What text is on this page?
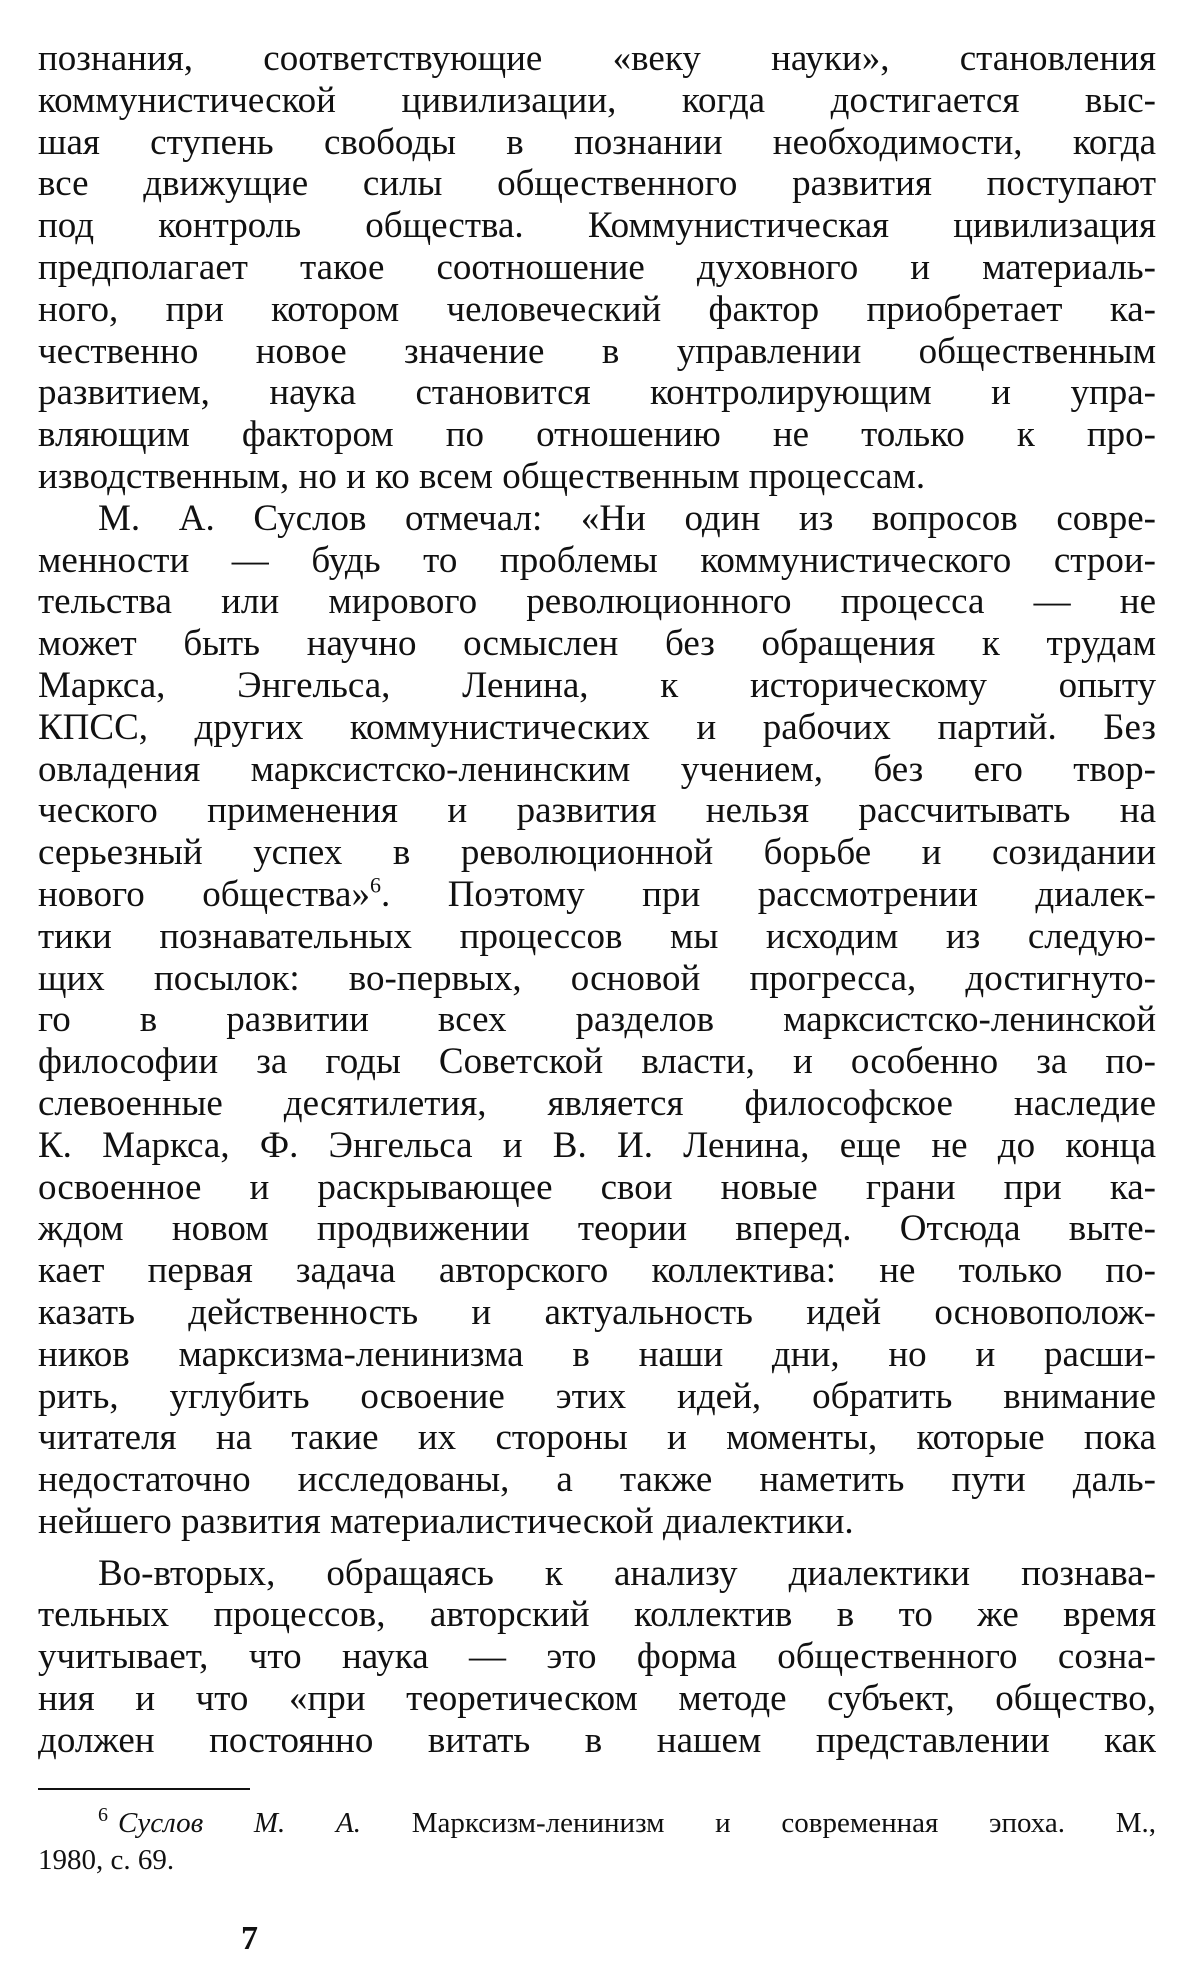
познания, соответствующие «веку науки», становления
коммунистической цивилизации, когда достигается выс-
шая ступень свободы в познании необходимости, когда
все движущие силы общественного развития поступают
под контроль общества. Коммунистическая цивилизация
предполагает такое соотношение духовного и материаль-
ного, при котором человеческий фактор приобретает ка-
чественно новое значение в управлении общественным
развитием, наука становится контролирующим и упра-
вляющим фактором по отношению не только к про-
изводственным, но и ко всем общественным процессам.
М. А. Суслов отмечал: «Ни один из вопросов совре-
менности — будь то проблемы коммунистического строи-
тельства или мирового революционного процесса — не
может быть научно осмыслен без обращения к трудам
Маркса, Энгельса, Ленина, к историческому опыту
КПСС, других коммунистических и рабочих партий. Без
овладения марксистско-ленинским учением, без его твор-
ческого применения и развития нельзя рассчитывать на
серьезный успех в революционной борьбе и созидании
нового общества»$^6$. Поэтому при рассмотрении диалек-
тики познавательных процессов мы исходим из следую-
щих посылок: во-первых, основой прогресса, достигнуто-
го в развитии всех разделов марксистско-ленинской
философии за годы Советской власти, и особенно за по-
слевоенные десятилетия, является философское наследие
К. Маркса, Ф. Энгельса и В. И. Ленина, еще не до конца
освоенное и раскрывающее свои новые грани при ка-
ждом новом продвижении теории вперед. Отсюда выте-
кает первая задача авторского коллектива: не только по-
казать действенность и актуальность идей основополож-
ников марксизма-ленинизма в наши дни, но и расши-
рить, углубить освоение этих идей, обратить внимание
читателя на такие их стороны и моменты, которые пока
недостаточно исследованы, а также наметить пути даль-
нейшего развития материалистической диалектики.
Во-вторых, обращаясь к анализу диалектики познава-
тельных процессов, авторский коллектив в то же время
учитывает, что наука — это форма общественного созна-
ния и что «при теоретическом методе субъект, общество,
должен постоянно витать в нашем представлении как
$^6$ Суслов М. А. Марксизм-ленинизм и современная эпоха. М.,
1980, с. 69.
7
